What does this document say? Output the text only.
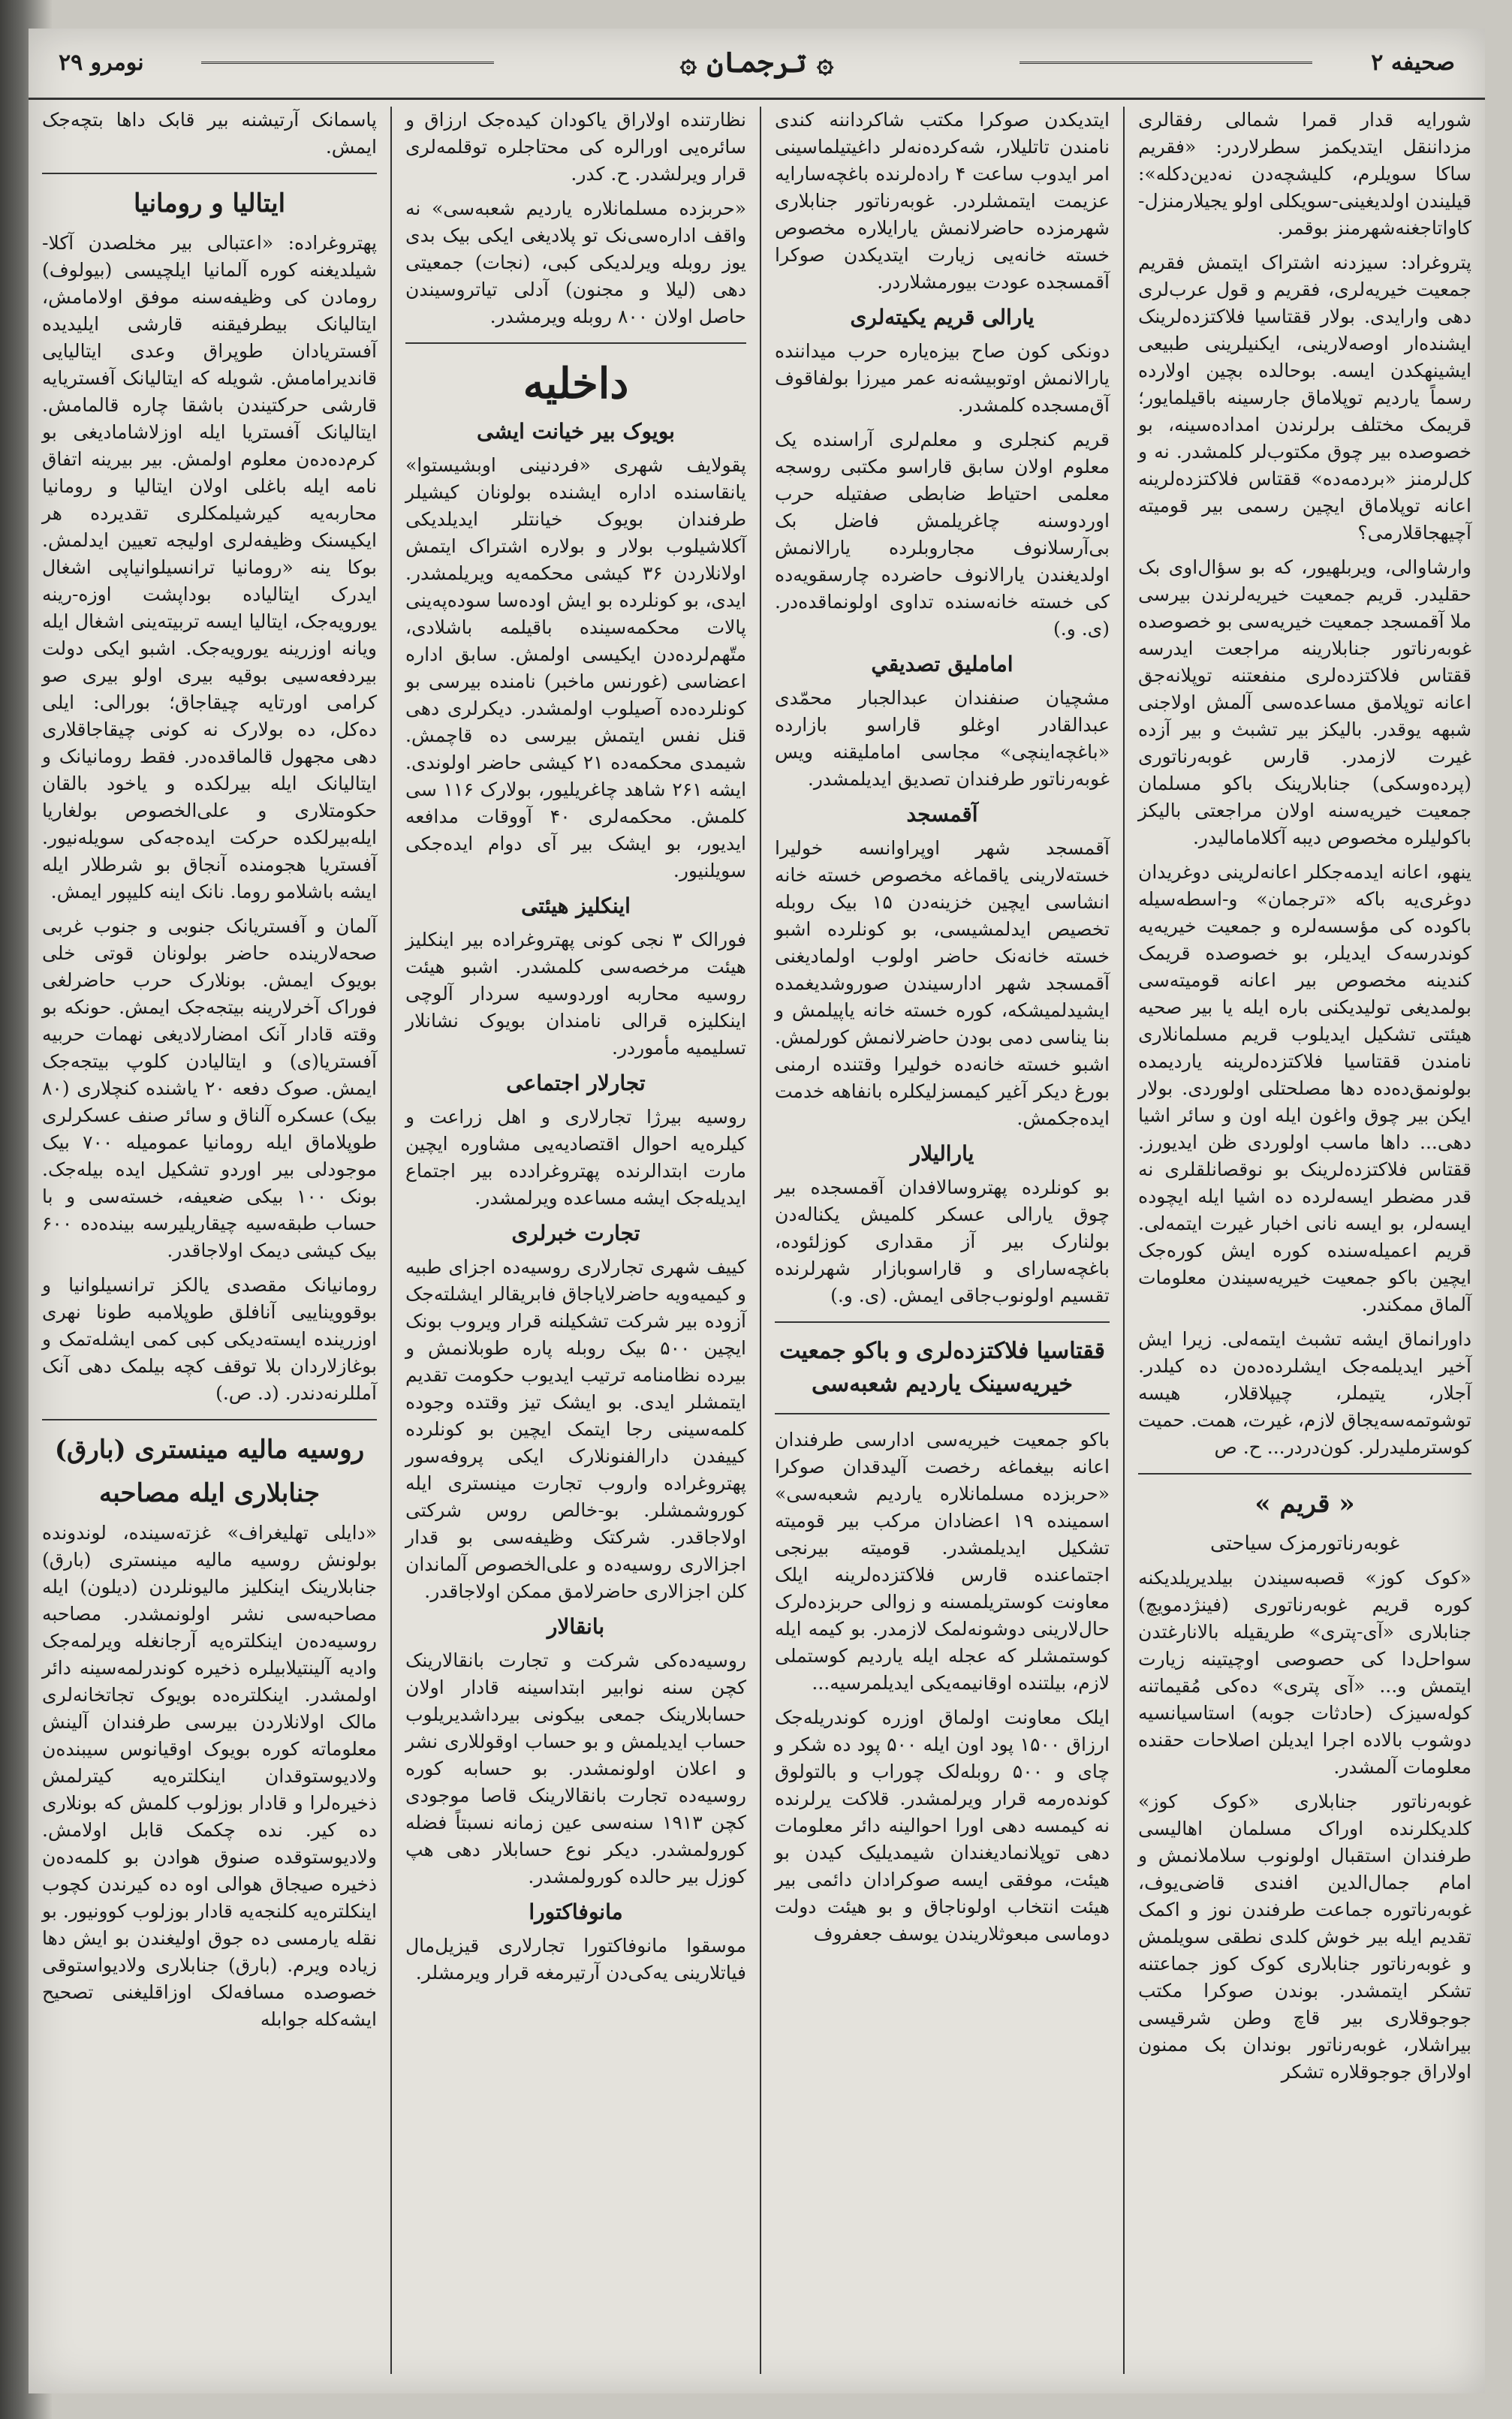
صحیفه ۲
۞ ترجمان ۞
نومرو ۲۹

شورایه قدار قمرا شمالی رفقالری مزداننقل ایتدیکمز سطرلاردر: «فقریم ساکا سویلرم، کلیشچه‌دن نه‌دین‌دکله»: قیلیندن اولدیغینی-سویکلی اولو یجیلارمنزل-کاواتاجغنه‌شهرمنز بوقمر.

پتروغراد: سیزدنه اشتراک ایتمش فقریم جمعیت خیریه‌لری، فقریم و قول عرب‌لری دهی وارایدی. بولار ققتاسیا فلاکتزده‌لرینک ایشنده‌ار اوصه‌لارینی، ایکنیلرینی طبیعی ایشینهکدن ایسه. بوحالده بچین اولارده رسماً یاردیم توپلاماق جارسینه باقیلمایور؛ قریمک مختلف برلرندن امداده‌سینه، بو خصوصده بیر چوق مکتوب‌لر کلمشدر. نه و کل‌لرمنز «بردمه‌ده» ققتاس فلاکتزده‌لرینه اعانه توپلاماق ایچین رسمی بیر قومیته آچیهجاقلارمی؟

وارشاوالی، ویربلهیور، که بو سؤال‌اوی بک حقلیدر. قریم جمعیت خیریه‌لرندن بیرسی ملا آقمسجد جمعیت خیریه‌سی بو خصوصده غوبه‌رناتور جنابلارینه مراجعت ایدرسه ققتاس فلاکتزده‌لری منفعتنه توپلانه‌جق اعانه توپلامق مساعده‌سی آلمش اولاجنی شبهه یوقدر. بالیکز بیر تشبث و بیر آزده غیرت لازمدر. قارس غوبه‌رناتوری (پرده‌وسکی) جنابلارینک باکو مسلمان جمعیت خیریه‌سنه اولان مراجعتی بالیکز باکولیلره مخصوص دیبه آکلامامالیدر.

ینهو، اعانه ایدمه‌جکلر اعانه‌لرینی دوغریدان دوغری‌یه باکه «ترجمان» و-اسطه‌سیله باکوده کی مؤسسه‌لره و جمعیت خیریه‌یه کوندرسه‌ک ایدیلر، بو خصوصده قریمک کندینه مخصوص بیر اعانه قومیته‌سی بولمدیغی تولیدیکنی باره ایله یا بیر صحیه هیئتی تشکیل ایدیلوب قریم مسلمانلاری نامندن ققتاسیا فلاکتزده‌لرینه یاردیمده بولونمق‌ده‌ده دها مصلحتلی اولوردی. بولار ایکن بیر چوق واغون ایله اون و سائر اشیا دهی... داها ماسب اولوردی ظن ایدیورز. ققتاس فلاکتزده‌لرینک بو نوقصانلقلری نه قدر مضطر ایسه‌لرده ده اشیا ایله ایچوده ایسه‌لر، بو ایسه نانی اخبار غیرت ایتمه‌لی. قریم اعمیله‌سنده کوره ایش کوره‌جک ایچین باکو جمعیت خیریه‌سیندن معلومات آلماق ممکندر.

داورانماق ایشه تشبث ایتمه‌لی. زیرا ایش آخیر ایدیلمه‌جک ایشلرده‌ده‌ن ده کیلدر. آجلار، یتیملر، چیپلاقلار، هیسه توشوتمه‌سه‌یجاق لازم، غیرت، همت. حمیت کوسترملیدرلر. کون‌دردر... ح. ص

« قریم »
غوبه‌رناتورمزک سیاحتی

«کوک کوز» قصبه‌سیندن بیلدیریلدیکنه کوره قریم غوبه‌رناتوری (فینژدمویچ) جنابلاری «آی-پتری» طریقیله بالانارغتدن سواحل‌دا کی حصوصی اوچیتینه زیارت ایتمش و... «آی پتری» ده‌کی مُقیماتنه کوله‌سیزک (حادثات جوبه) استاسیانسیه دوشوب بالاده اجرا ایدیلن اصلاحات حقنده معلومات آلمشدر.

غوبه‌رناتور جنابلاری «کوک کوز» کلدیکلرنده اوراک مسلمان اهالیسی طرفندان استقبال اولونوب سلاملانمش و امام جمال‌الدین افندی قاضی‌یوف، غوبه‌رناتوره جماعت طرفندن نوز و اکمک تقدیم ایله بیر خوش کلدی نطقی سویلمش و غوبه‌رناتور جنابلاری کوک کوز جماعتنه تشکر ایتمشدر. بوندن صوکرا مکتب جوجوقلاری بیر قاچ وطن شرقیسی بیراشلار، غوبه‌رناتور بوندان بک ممنون اولاراق جوجوقلاره تشکر

ایتدیکدن صوکرا مکتب شاکرداننه کندی نامندن تاتلیلار، شه‌کرده‌نه‌لر داغیتیلماسینی امر ایدوب ساعت ۴ راده‌لرنده باغچه‌سارایه عزیمت ایتمشلردر. غوبه‌رناتور جنابلاری شهرمزده حاضرلانمش یارایلاره مخصوص خسته خانه‌یی زیارت ایتدیکدن صوکرا آقمسجده عودت بیورمشلاردر.

یارالی قریم یکیته‌لری

دونکی کون صاح بیزه‌یاره حرب میداننده یارالانمش اوتوبیشه‌نه عمر میرزا بولفاقوف آق‌مسجده کلمشدر.

قریم کنجلری و معلم‌لری آراسنده یک معلوم اولان سابق قاراسو مکتبی روسجه معلمی احتیاط ضابطی صفتیله حرب اوردوسنه چاغریلمش فاضل بک بی‌آرسلانوف مجاروبلرده یارالانمش اولدیغندن یارالانوف حاضرده چارسقویه‌ده کی خسته خانه‌سنده تداوی اولونماقده‌در. (ی. و.)

امامليق تصديقي

مشچيان صنفندان عبدالجبار محمّدی عبدالقادر اوغلو قاراسو بازارده «باغچه‌اینچی» مجاسی امامليقنه ويس غوبه‌رناتور طرفندان تصديق ايديلمشدر.

آقمسجد

آقمسجد شهر اوپراوانسه خولیرا خسته‌لارینی یاقماغه مخصوص خسته خانه انشاسی ایچین خزینه‌دن ۱۵ بیک روبله تخصیص ایدلمشیسی، بو کونلرده اشبو خسته خانه‌نک حاضر اولوب اولمادیغنی آقمسجد شهر ادارسیندن صوروشدیغمده ایشیدلمیشکه، کوره خسته خانه یاپیلمش و بنا یناسی دمی بودن حاضرلانمش کورلمش. اشبو خسته خانه‌ده خولیرا وقتنده ارمنی بورغ ديکر آغیر کیمسزلیکلره بانفاهه خدمت ایده‌جکمش.

یارالیلار

بو کونلرده پهتروسالافدان آقمسجده بیر چوق یارالی عسکر کلمیش یکناله‌دن بولنارک بیر آز مقداری کوزلئوده، باغچه‌سارای و قاراسوبازار شهرلرنده تقسیم اولونوب‌جاقی ایمش. (ی. و.)

ققتاسیا فلاکتزده‌لری و باکو جمعیت خیریه‌سینک یاردیم شعبه‌سی

باکو جمعیت خیریه‌سی ادارسی طرفندان اعانه بیغماغه رخصت آلیدقدان صوکرا «حربزده مسلمانلاره یاردیم شعبه‌سی» اسمینده ۱۹ اعضادان مرکب بیر قومیته تشکیل ایدیلمشدر. قومیته بیرنجی اجتماعنده قارس فلاکتزده‌لرینه ایلک معاونت کوستریلمسنه و زوالی حربزده‌لرک حال‌لارینی دوشونه‌لمک لازمدر. بو کیمه ایله کوستمشلر که عجله ایله یاردیم کوستملی لازم، بیلتنده اوقانیمه‌یکی ایدیلمرسیه...

ایلک معاونت اولماق اوزره کوندریله‌جک ارزاق ۱۵۰۰ پود اون ایله ۵۰۰ پود ده شکر و چای و ۵۰۰ روبله‌لک چوراب و بالتولوق کوند‌ه‌رمه قرار ویرلمشدر. قلاکت یرلرنده نه کیمسه دهی اورا احوالینه دائر معلومات دهی توپلانمادیغندان شیمدیلیک کیدن بو هیئت، موفقی ایسه صوکرادان دائمی بیر هیئت انتخاب اولوناجاق و بو هیئت دولت دوماسی مبعوثلاریندن یوسف جعفروف

نظارتنده اولاراق یاکودان کیده‌جک ارزاق و سائره‌یی اورالره کی محتاجلره توقلمه‌لری قرار ویرلشدر. ح. کدر.

«حربزده مسلمانلاره یاردیم شعبه‌سی» نه واقف اداره‌سی‌نک تو پلادیغی ایکی بیک بدی یوز روبله ویرلدیکی کبی، (نجات) جمعیتی دهی (لیلا و مجنون) آدلی تیاتروسیندن حاصل اولان ۸۰۰ روبله ویرمشدر.

داخلیه
بویوک بیر خیانت ایشی

پقولایف شهری «فردنینی اوبشیستوا» یانقاسنده اداره ایشنده بولونان کیشیلر طرفندان بویوک خیانتلر ایدیلدیکی آکلاشیلوب بولار و بولاره اشتراک ایتمش اولانلاردن ۳۶ کیشی محکمه‌یه ویریلمشدر. ایدی، بو کونلرده بو ایش اوده‌سا سوده‌په‌ینی پالات محکمه‌سینده باقیلمه باشلادی، متّهم‌لرده‌دن ایکیسی اولمش. سابق اداره اعضاسی (غورنس ماخبر) نامنده بیرسی بو کونلرده‌ده آصیلوب اولمشدر. دیکرلری دهی قنل نفس ایتمش بیرسی ده قاچمش. شیمدی محکمه‌ده ۲۱ کیشی حاضر اولوندی. ایشه ۲۶۱ شاهد چاغریلیور، بولارک ۱۱۶ سی کلمش. محکمه‌لری ۴۰ آووقات مدافعه ایدیور، بو ایشک بیر آی دوام ایده‌جکی سویلنیور.

اینکلیز هیئتی

فورالک ۳ نجی کونی پهتروغراده بیر اینکلیز هیئت مرخصه‌سی کلمشدر. اشبو هیئت روسیه محاربه اوردوسیه سردار آلوچی اینکلیزه قرالی نامندان بویوک نشانلار تسلیمیه مأموردر.

تجارلار اجتماعی

روسیه بیرژا تجارلاری و اهل زراعت و کیلره‌یه احوال اقتصادیه‌یی مشاوره ایچین مارت ابتدالرنده پهتروغراد‌ده بیر اجتماع ایدیله‌جک ایشه مساعده ویرلمشدر.

تجارت خبرلری

کییف شهری تجارلاری روسیه‌ده اجزای طبیه و کیمیه‌ویه حاضرلایاجاق فابریقالر ایشلته‌جک آزوده بیر شرکت تشکیلنه قرار ویروب بونک ایچین ۵۰۰ بیک روبله پاره طوبلانمش و بیرده نظامنامه ترتیب ایدیوب حکومت تقدیم ایتمشلر ایدی. بو ایشک تیز وقتده وجوده کلمه‌سینی رجا ایتمک ایچین بو کونلرده کییفدن دارالفنونلارک ایکی پروفه‌سور پهتروغراده واروب تجارت مینستری ایله کوروشمشلر. بو-خالص روس شرکتی اولاجاقدر. شرکتک وظیفه‌سی بو قدار اجزالاری روسیه‌ده و علی‌الخصوص آلماندان کلن اجزالاری حاضرلامق ممکن اولاجاقدر.

بانقالار

روسیه‌ده‌کی شرکت و تجارت بانقالارینک کچن سنه نوابیر ابتداسینه قادار اولان حسابلارینک جمعی بیکونی بیرداشدیریلوب حساب ایدیلمش و بو حساب اوقوللاری نشر و اعلان اولونمشدر. بو حسابه کوره روسیه‌ده تجارت بانقالارینک قاصا موجودی کچن ۱۹۱۳ سنه‌سی عین زمانه نسبتاً فضله کورولمشدر. دیکر نوع حسابلار دهی هپ کوزل بیر حالده کورولمشدر.

مانوفاکتورا

موسقوا مانوفاکتورا تجارلاری قیزیل‌مال فیاتلارینی یه‌کی‌دن آرتیرمغه قرار ویرمشلر.

پاسمانک آرتیشنه بیر قابک داها بتچه‌جک ایمش.

ایتالیا و رومانیا

پهتروغراده: «اعتبالی بیر مخلصدن آکلا-شیلدیغنه کوره آلمانیا ایلچیسی (بیولوف) رومادن کی وظیفه‌سنه موفق اولامامش، ایتالیانک بیطرفیقنه قارشی ایلیدیده آفستریادان طوپراق وعدی ایتالیایی قاندیرامامش. شویله که ایتالیانک آفستریایه قارشی حرکتیندن باشقا چاره قالمامش. ایتالیانک آفستریا ایله اوزلاشامادیغی بو کرم‌ده‌ده‌ن معلوم اولمش. بیر بیرینه اتفاق نامه ایله باغلی اولان ایتالیا و رومانیا محاربه‌یه کیرشیلمکلری تقدیرده هر ایکیسنک وظیفه‌لری اولیجه تعیین ایدلمش. بوکا ینه «رومانیا ترانسیلوانیاپی اشغال ایدرک ایتالیاده بوداپشت اوزه-رینه یورویه‌جک، ایتالیا ایسه تربیته‌ینی اشغال ایله ویانه اوزرینه یورویه‌جک. اشبو ایکی دولت بیردفعه‌سیی بوقیه بیری اولو بیری صو کرامی اورتایه چیقاجاق؛ بورالی: ایلی ده‌کل، ده‌ بولارک نه کونی چیقاجاقلاری دهی مجهول قالماقده‌در. فقط رومانیانک و ایتالیانک ایله بیرلکده و یاخود بالقان حکومتلاری و علی‌الخصوص بولغاریا ایله‌بیرلکده حرکت ایده‌جه‌کی سویله‌نیور. آفستریا هجومنده آنجاق بو شرطلار ایله ایشه باشلامو روما. نانک اینه کلیپور ایمش.

آلمان و آفستریانک جنوبی و جنوب غربی صحه‌لارینده حاضر بولونان قوتی خلی بویوک ایمش. بونلارک حرب حاضرلغی فوراک آخرلارینه بیتجه‌جک ایمش. حونکه بو وقته قادار آنک امضارلادیغی نهمات حربیه آفستریا(ی) و ایتالیادن کلوپ بیتجه‌جک ایمش. صوک دفعه ۲۰ یاشنده کنچلاری (۸۰ بیک) عسکره آلناق و سائر صنف عسکرلری طوپلاماق ایله رومانیا عمومیله ۷۰۰ بیک موجودلی بیر اوردو تشکیل ایده بیله‌جک. بونک ۱۰۰ بیکی ضعیفه، خسته‌سی و با حساب طبقه‌سیه چیقاریلیرسه بینده‌ده ۶۰۰ بیک کیشی دیمک اولاجاقدر.

رومانیانک مقصدی یالکز ترانسیلوانیا و بوقوویناییی آنافلق طوپلامبه طونا نهری اوزرینده ایسته‌دیکی کبی کمی ایشله‌تمک و بوغازلاردان بلا توقف کچه بیلمک دهی آنک آمللرنه‌دندر. (د. ص.)

روسیه مالیه مینستری (بارق)
جنابلاری ایله مصاحبه

«دایلی تهلیغراف» غزته‌سینده، لوندونده بولونش روسیه مالیه مینستری (بارق) جنابلارینک اینکلیز مالیونلردن (دیلون) ایله مصاحبه‌سی نشر اولونمشدر. مصاحبه روسیه‌ده‌ن اینکلتره‌یه آرجانغله ویرلمه‌جک وادیه آلینتیلابیلره ذخیره کوندرلمه‌سینه دائر اولمشدر. اینکلتره‌ده بویوک تجاتخانه‌لری مالک اولانلاردن بیرسی طرفندان آلینش معلوماته کوره بویوک اوقیانوس سیبنده‌ن ولادیوستوقدان اینکلتره‌یه کیترلمش ذخیره‌لرا و قادار بوزلوب کلمش که بونلاری ده کیر. نده چکمک قابل اولامش. ولادیوستوقده صنوق هوادن بو کلمه‌ده‌ن ذخیره صیجاق هوالی اوه ده کیرندن کچوب اینکلتره‌یه کلنجه‌یه قادار بوزلوب کوونیور. بو نقله یارمسی ده جوق اولیغندن بو ایش دها زیاده ویرم. (بارق) جنابلاری ولادیواستوقی خصوصده مسافه‌لک اوزاقلیغنی تصحیح ایشه‌کله جوابله
